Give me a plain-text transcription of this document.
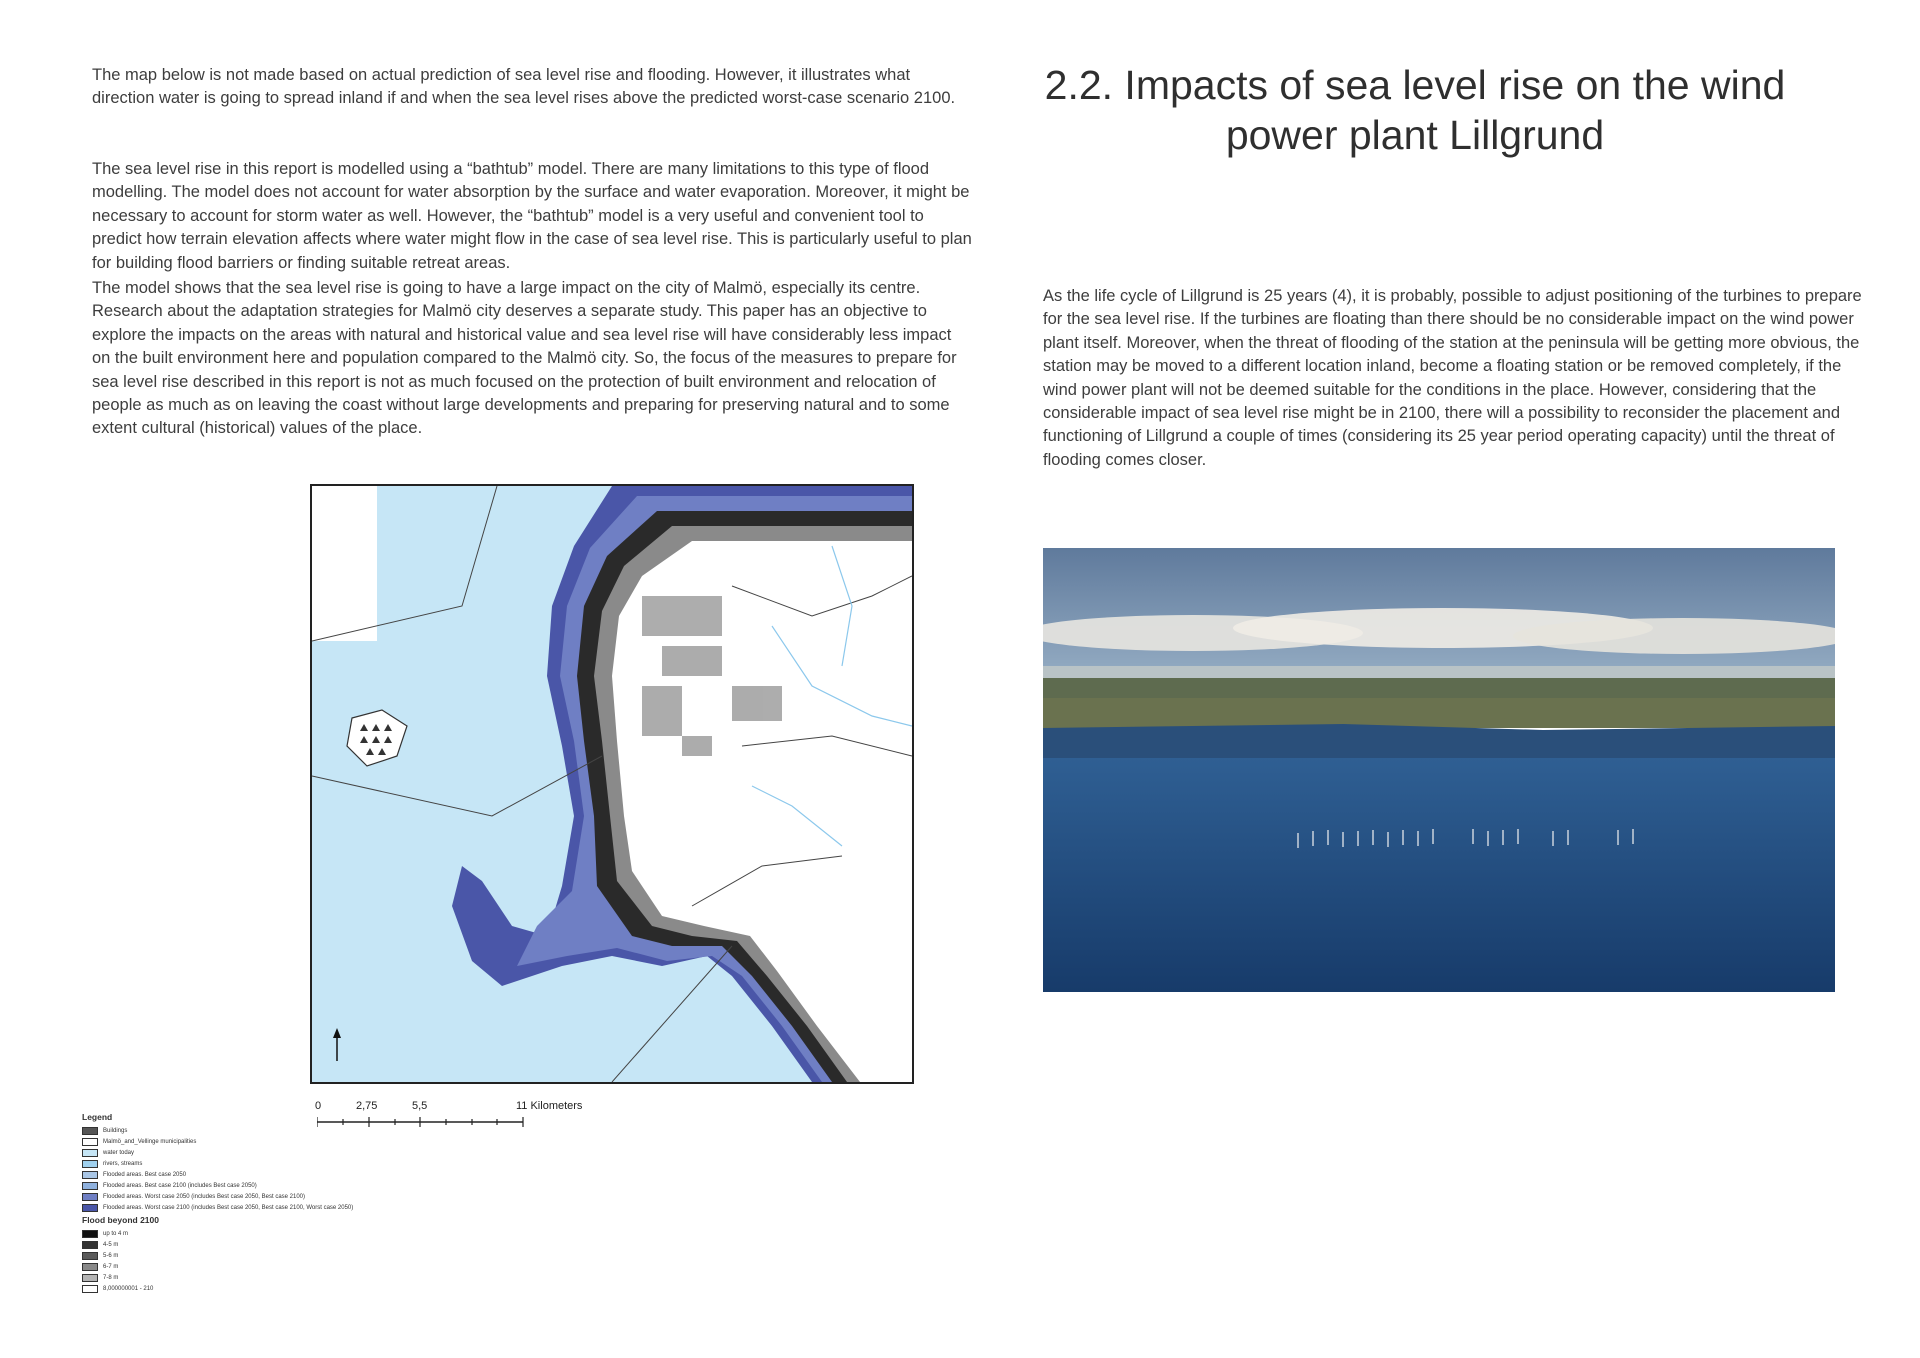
The map below is not made based on actual prediction of sea level rise and flooding. However, it illustrates what direction water is going to spread inland if and when the sea level rises above the predicted worst-case scenario 2100.

The sea level rise in this report is modelled using a “bathtub” model. There are many limitations to this type of flood modelling. The model does not account for water absorption by the surface and water evaporation. Moreover, it might be necessary to account for storm water as well. However, the “bathtub” model is a very useful and convenient tool to predict how terrain elevation affects where water might flow in the case of sea level rise. This is particularly useful to plan for building flood barriers or finding suitable retreat areas.

The model shows that the sea level rise is going to have a large impact on the city of Malmö, especially its centre. Research about the adaptation strategies for Malmö city deserves a separate study. This paper has an objective to explore the impacts on the areas with natural and historical value and sea level rise will have considerably less impact on the built environment here and population compared to the Malmö city. So, the focus of the measures to prepare for sea level rise described in this report is not as much focused on the protection of built environment and relocation of people as much as on leaving the coast without large developments and preparing for preserving natural and to some extent cultural (historical) values of the place.

2.2. Impacts of sea level rise on the wind power plant Lillgrund

As the life cycle of Lillgrund is 25 years (4), it is probably, possible to adjust positioning of the turbines to prepare for the sea level rise. If the turbines are floating than there should be no considerable impact on the wind power plant itself. Moreover, when the threat of flooding of the station at the peninsula will be getting more obvious, the station may be moved to a different location inland, become a floating station or be removed completely, if the wind power plant will not be deemed suitable for the conditions in the place. However, considering that the considerable impact of sea level rise might be in 2100, there will a possibility to reconsider the placement and functioning of Lillgrund a couple of times (considering its 25 year period operating capacity) until the threat of flooding comes closer.

0	2,75	5,5	11 Kilometers
Legend
Buildings
Malmö_and_Vellinge municipalities
water today
rivers, streams
Flooded areas. Best case 2050
Flooded areas. Best case 2100 (includes Best case 2050)
Flooded areas. Worst case 2050 (includes Best case 2050, Best case 2100)
Flooded areas. Worst case 2100 (includes Best case 2050, Best case 2100, Worst case 2050)
Flood beyond 2100
up to 4 m
4-5 m
5-6 m
6-7 m
7-8 m
8,000000001 - 210
